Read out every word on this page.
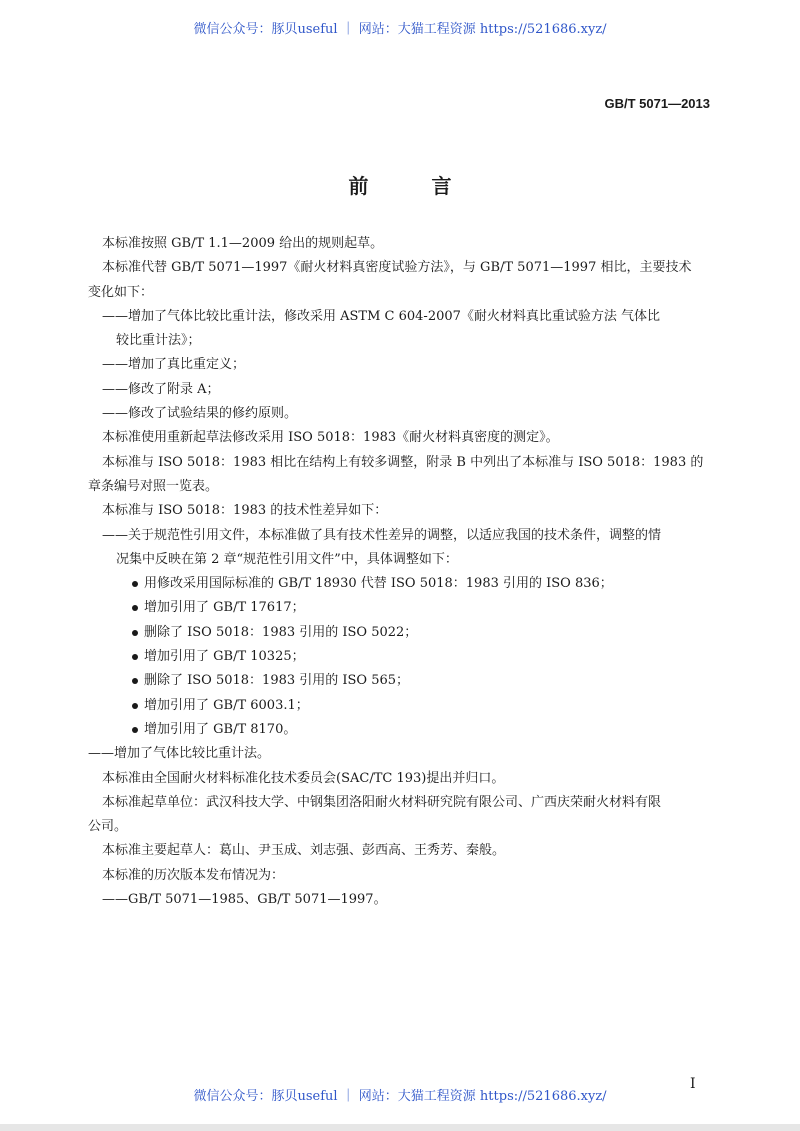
微信公众号：豚贝useful ｜ 网站：大猫工程资源 https://521686.xyz/
GB/T 5071—2013
前 言

本标准按照 GB/T 1.1—2009 给出的规则起草。

本标准代替 GB/T 5071—1997《耐火材料真密度试验方法》，与 GB/T 5071—1997 相比，主要技术

变化如下：

——增加了气体比较比重计法，修改采用 ASTM C 604-2007《耐火材料真比重试验方法 气体比

较比重计法》；

——增加了真比重定义；

——修改了附录 A；

——修改了试验结果的修约原则。

本标准使用重新起草法修改采用 ISO 5018：1983《耐火材料真密度的测定》。

本标准与 ISO 5018：1983 相比在结构上有较多调整，附录 B 中列出了本标准与 ISO 5018：1983 的

章条编号对照一览表。

本标准与 ISO 5018：1983 的技术性差异如下：

——关于规范性引用文件，本标准做了具有技术性差异的调整，以适应我国的技术条件，调整的情

况集中反映在第 2 章“规范性引用文件”中，具体调整如下：

用修改采用国际标准的 GB/T 18930 代替 ISO 5018：1983 引用的 ISO 836；

增加引用了 GB/T 17617；

删除了 ISO 5018：1983 引用的 ISO 5022；

增加引用了 GB/T 10325；

删除了 ISO 5018：1983 引用的 ISO 565；

增加引用了 GB/T 6003.1；

增加引用了 GB/T 8170。

——增加了气体比较比重计法。

本标准由全国耐火材料标准化技术委员会(SAC/TC 193)提出并归口。

本标准起草单位：武汉科技大学、中钢集团洛阳耐火材料研究院有限公司、广西庆荣耐火材料有限

公司。

本标准主要起草人：葛山、尹玉成、刘志强、彭西高、王秀芳、秦般。

本标准的历次版本发布情况为：

——GB/T 5071—1985、GB/T 5071—1997。

微信公众号：豚贝useful ｜ 网站：大猫工程资源 https://521686.xyz/
I
